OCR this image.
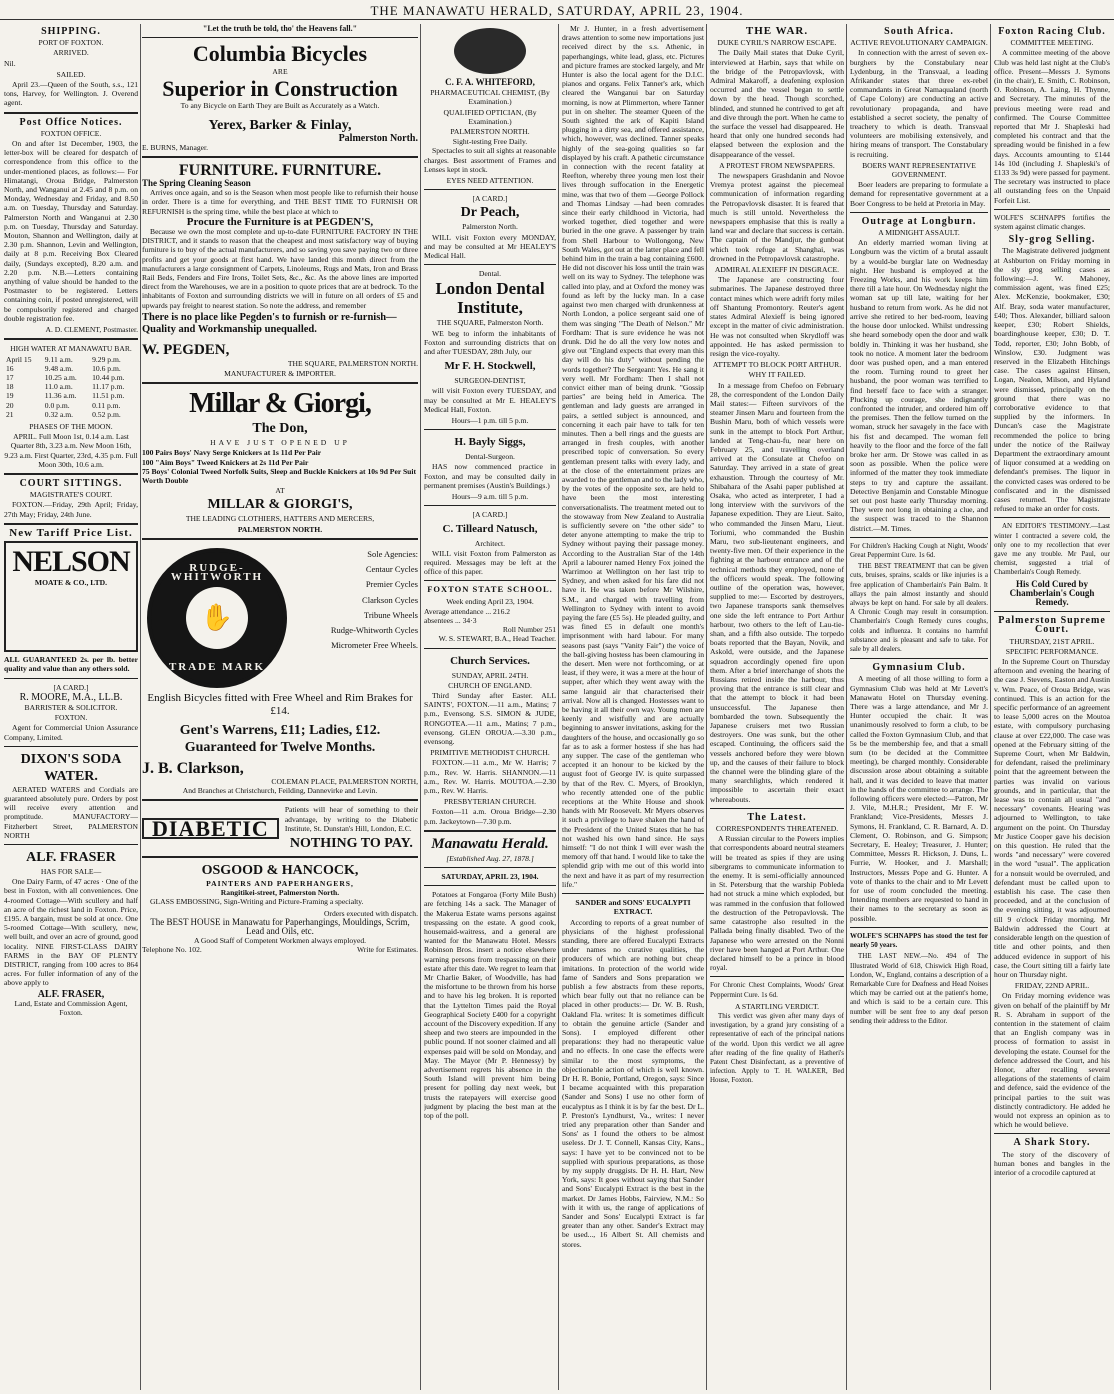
THE MANAWATU HERALD, SATURDAY, APRIL 23, 1904.
SHIPPING.
PORT OF FOXTON.
ARRIVED.

Nil.

SAILED.

April 23.—Queen of the South, s.s., 121 tons, Harvey, for Wellington. J. Overend agent.

Post Office Notices.
FOXTON OFFICE.

On and after 1st December, 1903, the letter-box will be cleared for despatch of correspondence from this office to the under-mentioned places, as follows:— For Himatangi, Oroua Bridge, Palmerston North, and Wanganui at 2.45 and 8 p.m. on Monday, Wednesday and Friday, and 8.50 a.m. on Tuesday, Thursday and Saturday. Palmerston North and Wanganui at 2.30 p.m. on Tuesday, Thursday and Saturday. Mouton, Shannon and Wellington, daily at 2.30 p.m. Shannon, Levin and Wellington, daily at 8 p.m. Receiving Box Cleared daily, (Sundays excepted), 8.20 a.m. and 2.20 p.m. N.B.—Letters containing anything of value should be handed to the Postmaster to be registered. Letters containing coin, if posted unregistered, will be compulsorily registered and charged double registration fee.

A. D. CLEMENT, Postmaster.
HIGH WATER AT MANAWATU BAR.
April 15	9.11 a.m.	9.29 p.m.
16	9.48 a.m.	10.6 p.m.
17	10.25 a.m.	10.44 p.m.
18	11.0 a.m.	11.17 p.m.
19	11.36 a.m.	11.51 p.m.
20	0.0 p.m.	0.11 p.m.
21	0.32 a.m.	0.52 p.m.
PHASES OF THE MOON.

APRIL. Full Moon 1st, 0.14 a.m. Last Quarter 8th, 3.23 a.m. New Moon 16th, 9.23 a.m. First Quarter, 23rd, 4.35 p.m. Full Moon 30th, 10.6 a.m.

COURT SITTINGS.
MAGISTRATE'S COURT.

FOXTON.—Friday, 29th April; Friday, 27th May; Friday, 24th June.

New Tariff Price List.
NELSON
MOATE & CO., LTD.

ALL GUARANTEED 2s. per lb. better quality and value than any others sold.

[A CARD.]
R. MOORE, M.A., LL.B.
BARRISTER & SOLICITOR.
FOXTON.

Agent for Commercial Union Assurance Company, Limited.

DIXON'S SODA WATER.

AERATED WATERS and Cordials are guaranteed absolutely pure. Orders by post will receive every attention and promptitude. MANUFACTORY—Fitzherbert Street, PALMERSTON NORTH

ALF. FRASER
HAS FOR SALE—

One Dairy Farm, of 47 acres · One of the best in Foxton, with all conveniences. One 4-roomed Cottage—With scullery and half an acre of the richest land in Foxton. Price, £195. A bargain, must be sold at once. One 5-roomed Cottage—With scullery, new, well built, and over an acre of ground, good locality. NINE FIRST-CLASS DAIRY FARMS in the BAY OF PLENTY DISTRICT, ranging from 100 acres to 864 acres. For fuller information of any of the above apply to

ALF. FRASER,
Land, Estate and Commission Agent, Foxton.
"Let the truth be told, tho' the Heavens fall."
Columbia Bicycles
ARE
Superior in Construction
To any Bicycle on Earth They are Built as Accurately as a Watch.
Yerex, Barker & Finlay,
Palmerston North.
E. BURNS, Manager.
FURNITURE. FURNITURE.
The Spring Cleaning Season

Arrives once again, and so is the Season when most people like to refurnish their house in order. There is a time for everything, and THE BEST TIME TO FURNISH OR REFURNISH is the spring time, while the best place at which to

Procure the Furniture is at PEGDEN'S,

Because we own the most complete and up-to-date FURNITURE FACTORY IN THE DISTRICT, and it stands to reason that the cheapest and most satisfactory way of buying furniture is to buy of the actual manufacturers, and so saving you save paying two or three profits and get your goods at first hand. We have landed this month direct from the manufacturers a large consignment of Carpets, Linoleums, Rugs and Mats, Iron and Brass Rail Beds, Fenders and Fire Irons, Toilet Sets, &c., &c. As the above lines are imported direct from the Warehouses, we are in a position to quote prices that are at bedrock. To the inhabitants of Foxton and surrounding districts we will in future on all orders of £5 and upwards pay freight to nearest station. So note the address, and remember

There is no place like Pegden's to furnish or re-furnish—Quality and Workmanship unequalled.
W. PEGDEN,
THE SQUARE, PALMERSTON NORTH.
MANUFACTURER & IMPORTER.
Millar & Giorgi,
The Don,
HAVE JUST OPENED UP
100 Pairs Boys' Navy Serge Knickers at 1s 11d Per Pair
100 "Aim Boys" Tweed Knickers at 2s 11d Per Pair
75 Boys' Colonial Tweed Norfolk Suits, Sleep and Buckle Knickers at 10s 9d Per Suit Worth Double
AT
MILLAR & GIORGI'S,
THE LEADING CLOTHIERS, HATTERS AND MERCERS,
PALMERSTON NORTH.
RUDGE-WHITWORTH
✋
TRADE MARK
Sole Agencies:
Centaur Cycles
Premier Cycles
Clarkson Cycles
Tribune Wheels
Rudge-Whitworth Cycles
Micrometer Free Wheels.
English Bicycles fitted with Free Wheel and Rim Brakes for £14.
Gent's Warrens, £11; Ladies, £12.
Guaranteed for Twelve Months.
J. B. Clarkson,
COLEMAN PLACE, PALMERSTON NORTH,
And Branches at Christchurch, Feilding, Dannevirke and Levin.
DIABETIC

Patients will hear of something to their advantage, by writing to the Diabetic Institute, St. Dunstan's Hill, London, E.C.

NOTHING TO PAY.
OSGOOD & HANCOCK,
PAINTERS AND PAPERHANGERS,
Rangitikei-street, Palmerston North.

GLASS EMBOSSING, Sign-Writing and Picture-Framing a specialty.

Orders executed with dispatch.
The BEST HOUSE in Manawatu for Paperhangings, Mouldings, Scrim, Lead and Oils, etc.
A Good Staff of Competent Workmen always employed.
Telephone No. 102.	Write for Estimates.
C. F. A. WHITEFORD,
PHARMACEUTICAL CHEMIST, (By Examination.)
QUALIFIED OPTICIAN, (By Examination.)
PALMERSTON NORTH.
Sight-testing Free Daily.

Spectacles to suit all sights at reasonable charges. Best assortment of Frames and Lenses kept in stock.

EYES NEED ATTENTION.
[A CARD.]
Dr Peach,
Palmerston North.

WILL visit Foxton every MONDAY, and may be consulted at Mr HEALEY'S Medical Hall.

Dental.
London Dental Institute,
THE SQUARE, Palmerston North.

WE beg to inform the inhabitants of Foxton and surrounding districts that on and after TUESDAY, 28th July, our

Mr F. H. Stockwell,
SURGEON-DENTIST,

will visit Foxton every TUESDAY, and may be consulted at Mr E. HEALEY'S Medical Hall, Foxton.

Hours—1 p.m. till 5 p.m.
H. Bayly Siggs,
Dental-Surgeon.

HAS now commenced practice in Foxton, and may be consulted daily in permanent premises (Austin's Buildings.)

Hours—9 a.m. till 5 p.m.
[A CARD.]
C. Tilleard Natusch,
Architect.

WILL visit Foxton from Palmerston as required. Messages may be left at the office of this paper.

FOXTON STATE SCHOOL.
Week ending April 23, 1904.
Average attendance ... 216.2
absentees ... 34·3
Roll Number 251
W. S. STEWART, B.A., Head Teacher.
Church Services.
SUNDAY, APRIL 24TH.
CHURCH OF ENGLAND.

Third Sunday after Easter. ALL SAINTS', FOXTON.—11 a.m., Matins; 7 p.m., Evensong. S.S. SIMON & JUDE, RONGOTEA.—11 a.m., Matins; 7 p.m., evensong. GLEN OROUA.—3.30 p.m., evensong.

PRIMITIVE METHODIST CHURCH.

FOXTON.—11 a.m., Mr W. Harris; 7 p.m., Rev. W. Harris. SHANNON.—11 a.m., Rev. W. Harris. MOUTOA.—2.30 p.m., Rev. W. Harris.

PRESBYTERIAN CHURCH.

Foxton—11 a.m. Oroua Bridge—2.30 p.m. Jackeytown—7.30 p.m.

Manawatu Herald.
[Established Aug. 27, 1878.]
SATURDAY, APRIL 23, 1904.

Potatoes at Fongaroa (Forty Mile Bush) are fetching 14s a sack. The Manager of the Makerua Estate warns persons against trespassing on the estate. A good cook, housemaid-waitress, and a general are wanted for the Manawatu Hotel. Messrs Robinson Bros. insert a notice elsewhere warning persons from trespassing on their estate after this date. We regret to learn that Mr Charlie Baker, of Woodville, has had the misfortune to be thrown from his horse and to have his leg broken. It is reported that the Lyttelton Times paid the Royal Geographical Society £400 for a copyright account of the Discovery expedition. If any sheep and two steers are impounded in the public pound. If not sooner claimed and all expenses paid will be sold on Monday, and May. The Mayor (Mr P. Hennessy) by advertisement regrets his absence in the South Island will prevent him being present for polling day next week, but trusts the ratepayers will exercise good judgment by placing the best man at the top of the poll.

Mr J. Hunter, in a fresh advertisement draws attention to some new importations just received direct by the s.s. Athenic, in paperhangings, white lead, glass, etc. Pictures and picture frames are stocked largely, and Mr Hunter is also the local agent for the D.I.C. pianos and organs. Felix Tanner's ark, which cleared the Wanganui bar on Saturday morning, is now at Plimmerton, where Tanner put in on shelter. The steamer Queen of the South sighted the ark of Kapiti Island plugging in a dirty sea, and offered assistance, which, however, was declined. Tanner speaks highly of the sea-going qualities so far displayed by his craft. A pathetic circumstance in connection with the recent fatality at Reefton, whereby three young men lost their lives through suffocation in the Energetic mine, was that two of them —George Pollock and Thomas Lindsay —had been comrades since their early childhood in Victoria, had worked together, died together and were buried in the one grave. A passenger by train from Shell Harbour to Wollongong, New South Wales, got out at the latter place and fell behind him in the train a bag containing £600. He did not discover his loss until the train was well on its way to Sydney. The telephone was called into play, and at Oxford the money was found as left by the lucky man. In a case against two men charged with drunkenness at North London, a police sergeant said one of them was singing "The Death of Nelson." Mr Fordham: That is sure evidence he was not drunk. Did he do all the very low notes and give out "England expects that every man this day will do his duty" without pending the words together? The Sergeant: Yes. He sang it very well. Mr Fordham: Then I shall not convict either man of being drunk. "Gossip parties" are being held in America. The gentleman and lady guests are arranged in pairs, a settled subject is announced, and concerning it each pair have to talk for ten minutes. Then a bell rings and the guests are arranged in fresh couples, with another prescribed topic of conversation. So every gentleman present talks with every lady, and at the close of the entertainment prizes are awarded to the gentleman and to the lady who, by the votes of the opposite sex, are held to have been the most interesting conversationalists. The treatment meted out to the stowaway from New Zealand to Australia is sufficiently severe on "the other side" to deter anyone attempting to make the trip to Sydney without paying their passage money. According to the Australian Star of the 14th April a labourer named Henry Fox joined the Warrimoo at Wellington on her last trip to Sydney, and when asked for his fare did not have it. He was taken before Mr Wilshire, S.M., and charged with travelling from Wellington to Sydney with intent to avoid paying the fare (£5 5s). He pleaded guilty, and was fined £5 in default one month's imprisonment with hard labour. For many seasons past (says "Vanity Fair") the voice of the ball-giving hostess has been clamouring in the desert. Men were not forthcoming, or at least, if they were, it was a mere at the hour of supper, after which they went away with the same languid air that characterised their arrival. Now all is changed. Hostesses want to be having it all their own way. Young men are keenly and wistfully and are actually beginning to answer invitations, asking for the daughters of the house, and occasionally go so far as to ask a former hostess if she has had any supper. The case of the gentleman who accepted it an honour to be kicked by the august foot of George IV. is quite surpassed by that of the Rev. C. Myers, of Brooklyn, who recently attended one of the public receptions at the White House and shook hands with Mr Roosevelt. Mr Myers observes it such a privilege to have shaken the hand of the President of the United States that he has not washed his own hand since. He says himself: "I do not think I will ever wash the memory off that hand. I would like to take the splendid grip with me out of this world into the next and have it as part of my resurrection life."

SANDER and SONS' EUCALYPTI EXTRACT.

According to reports of a great number of physicians of the highest professional standing, there are offered Eucalypti Extracts under names no curative qualities, the producers of which are nothing but cheap imitations. In protection of the world wide fame of Sanders and Sons preparation we publish a few abstracts from these reports, which bear fully out that no reliance can be placed in other products:— Dr. W. B. Rush, Oakland Fla. writes: It is sometimes difficult to obtain the genuine article (Sander and Sons). I employed different other preparations: they had no therapeutic value and no effects. In one case the effects were similar to the most symptoms, the objectionable action of which is well known. Dr H. R. Bonie, Portland, Oregon, says: Since I became acquainted with this preparation (Sander and Sons) I use no other form of eucalyptus as I think it is by far the best. Dr L. P. Preston's Lyndhurst, Va., writes: I never tried any preparation other than Sander and Sons' as I found the others to be almost useless. Dr J. T. Connell, Kansas City, Kans., says: I have yet to be convinced not to be supplied with spurious preparations, as those by my supply druggists. Dr H. H. Hart, New York, says: It goes without saying that Sander and Sons' Eucalypti Extract is the best in the market. Dr James Hobbs, Fairview, N.M.: So with it with us, the range of applications of Sander and Sons' Eucalypti Extract is far greater than any other. Sander's Extract may be used..., 16 Albert St. All chemists and stores.

THE WAR.
DUKE CYRIL'S NARROW ESCAPE.

The Daily Mail states that Duke Cyril, interviewed at Harbin, says that while on the bridge of the Petropavlovsk, with Admiral Makaroff, a deafening explosion occurred and the vessel began to settle down by the head. Though scorched, blinded, and stunned he contrived to get aft and dive through the port. When he came to the surface the vessel had disappeared. He heard that only one hundred seconds had elapsed between the explosion and the disappearance of the vessel.

A PROTEST FROM NEWSPAPERS.

The newspapers Grashdanin and Novoe Vremya protest against the piecemeal communication of information regarding the Petropavlovsk disaster. It is feared that much is still untold. Nevertheless the newspapers emphasise that this is really a land war and declare that success is certain. The captain of the Mandjur, the gunboat which took refuge at Shanghai, was drowned in the Petropavlovsk catastrophe.

ADMIRAL ALEXIEFF IN DISGRACE.

The Japanese are constructing four submarines. The Japanese destroyed three contact mines which were adrift forty miles off Shantung Promontory. Reuter's agent states Admiral Alexieff is being ignored except in the matter of civic administration. He was not consulted when Skrydloff was appointed. He has asked permission to resign the vice-royalty.

ATTEMPT TO BLOCK PORT ARTHUR.
WHY IT FAILED.

In a message from Chefoo on February 28, the correspondent of the London Daily Mail states:— Fifteen survivors of the steamer Jinsen Maru and fourteen from the Bushin Maru, both of which vessels were sunk in the attempt to block Port Arthur, landed at Teng-chau-fu, near here on February 25, and travelling overland arrived at the Consulate at Chefoo on Saturday. They arrived in a state of great exhaustion. Through the courtesy of Mr. Shibahara of the Asahi paper published at Osaka, who acted as interpreter, I had a long interview with the survivors of the Japanese expedition. They are Lieut. Saito, who commanded the Jinsen Maru, Lieut. Toriumi, who commanded the Bushin Maru, two sub-lieutenant engineers, and twenty-five men. Of their experience in the fighting at the harbour entrance and of the technical methods they employed, none of the officers would speak. The following outline of the operation was, however, supplied to me:— Escorted by destroyers, two Japanese transports sank themselves one side the left entrance to Port Arthur harbour, two others to the left of Lau-tie-shan, and a fifth also outside. The torpedo boats reported that the Bayan, Novik, and Askold, were outside, and the Japanese squadron accordingly opened fire upon them. After a brief interchange of shots the Russians retired inside the harbour, thus proving that the entrance is still clear and that the attempt to block it had been unsuccessful. The Japanese then bombarded the town. Subsequently the Japanese cruisers met two Russian destroyers. One was sunk, but the other escaped. Continuing, the officers said the vessels anchored before they were blown up, and the causes of their failure to block the channel were the blinding glare of the many searchlights, which rendered it impossible to ascertain their exact whereabouts.

The Latest.
CORRESPONDENTS THREATENED.

A Russian circular to the Powers implies that correspondents aboard neutral steamers will be treated as spies if they are using sibergrams to communicate information to the enemy. It is semi-officially announced in St. Petersburg that the warship Pobleda had not struck a mine which exploded, but was rammed in the confusion that followed the destruction of the Petropavlovsk. The same catastrophe also resulted in the Pallada being finally disabled. Two of the Japanese who were arrested on the Nonni river have been hanged at Port Arthur. One declared himself to be a prince in blood royal.

For Chronic Chest Complaints, Woods' Great Peppermint Cure. 1s 6d.

A STARTLING VERDICT.

This verdict was given after many days of investigation, by a grand jury consisting of a representative of each of the principal nations of the world. Upon this verdict we all agree after reading of the fine quality of Hatheri's Patent Chest Disinfectant, as a preventive of infection. Apply to T. H. WALKER, Bed House, Foxton.

South Africa.
ACTIVE REVOLUTIONARY CAMPAIGN.

In connection with the arrest of seven ex-burghers by the Constabulary near Lydenburg, in the Transvaal, a leading Afrikander states that three ex-rebel commandants in Great Namaqualand (north of Cape Colony) are conducting an active revolutionary propaganda, and have established a secret society, the penalty of treachery to which is death. Transvaal volunteers are mobilising extensively, and hiring means of transport. The Constabulary is recruiting.

BOERS WANT REPRESENTATIVE GOVERNMENT.

Boer leaders are preparing to formulate a demand for representative government at a Boer Congress to be held at Pretoria in May.

Outrage at Longburn.
A MIDNIGHT ASSAULT.

An elderly married woman living at Longburn was the victim of a brutal assault by a would-be burglar late on Wednesday night. Her husband is employed at the Freezing Works, and his work keeps him there till a late hour. On Wednesday night the woman sat up till late, waiting for her husband to return from work. As he did not arrive she retired to her bed-room, leaving the house door unlocked. Whilst undressing she heard somebody open the door and walk boldly in. Thinking it was her husband, she took no notice. A moment later the bedroom door was pushed open, and a man entered the room. Turning round to greet her husband, the poor woman was terrified to find herself face to face with a stranger. Plucking up courage, she indignantly confronted the intruder, and ordered him off the premises. Then the fellow turned on the woman, struck her savagely in the face with his fist and decamped. The woman fell heavily to the floor and the force of the fall broke her arm. Dr Stowe was called in as soon as possible. When the police were informed of the matter they took immediate steps to try and capture the assailant. Detective Benjamin and Constable Minogue set out post haste early Thursday morning. They were not long in obtaining a clue, and the suspect was traced to the Shannon district.—M. Times.

For Children's Hacking Cough at Night, Woods' Great Peppermint Cure. 1s 6d.

THE BEST TREATMENT that can be given cuts, bruises, sprains, scalds or like injuries is a free application of Chamberlain's Pain Balm. It allays the pain almost instantly and should always be kept on hand. For sale by all dealers. A Chronic Cough may result in consumption. Chamberlain's Cough Remedy cures coughs, colds and influenza. It contains no harmful substance and is pleasant and safe to take. For sale by all dealers.

Gymnasium Club.

A meeting of all those willing to form a Gymnasium Club was held at Mr Levett's Manawatu Hotel on Thursday evening. There was a large attendance, and Mr J. Hunter occupied the chair. It was unanimously resolved to form a club, to be called the Foxton Gymnasium Club, and that 5s be the membership fee, and that a small sum (to be decided at the Committee meeting), be charged monthly. Considerable discussion arose about obtaining a suitable hall, and it was decided to leave that matter in the hands of the committee to arrange. The following officers were elected:—Patron, Mr J. Vile, M.H.R.; President, Mr F. W. Frankland; Vice-Presidents, Messrs J. Symons, H. Frankland, C. R. Barnard, A. D. Clement, O. Robinson, and G. Simpson; Secretary, E. Healey; Treasurer, J. Hunter; Committee, Messrs R. Hickson, J. Duns, L. Furrie, W. Hooker, and J. Marshall; Instructors, Messrs Pope and G. Hunter. A vote of thanks to the chair and to Mr Levett for use of room concluded the meeting. Intending members are requested to hand in their names to the secretary as soon as possible.

WOLFE'S SCHNAPPS has stood the test for nearly 50 years.

THE LAST NEW.—No. 494 of The Illustrated World of 618, Chiswick High Road, London, W., England, contains a description of a Remarkable Cure for Deafness and Head Noises which may be carried out at the patient's home, and which is said to be a certain cure. This number will be sent free to any deaf person sending their address to the Editor.

Foxton Racing Club.
COMMITTEE MEETING.

A committee meeting of the above Club was held last night at the Club's office. Present—Messrs J. Symons (in the chair), E. Smith, C. Robinson, O. Robinson, A. Laing, H. Thynne, and Secretary. The minutes of the previous meeting were read and confirmed. The Course Committee reported that Mr J. Shapleski had completed his contract and that the spreading would be finished in a few days. Accounts amounting to £144 14s 10d (including J. Shapleski's of £133 3s 9d) were passed for payment. The secretary was instructed to place all outstanding fees on the Unpaid Forfeit List.

WOLFE'S SCHNAPPS fortifies the system against climatic changes.

Sly-grog Selling.

The Magistrate delivered judgment at Ashburton on Friday morning in the sly grog selling cases as following:—J. W. Mahoney, commission agent, was fined £25; Alex. McKenzie, bookmaker, £30; Alf. Bray, soda water manufacturer, £40; Thos. Alexander, billiard saloon keeper, £30; Robert Shields, boardinghouse keeper, £30; D. T. Todd, reporter, £30; John Bobb, of Winslow, £30. Judgment was reserved in the Elizabeth Hitchings case. The cases against Hinsen, Logan, Nealon, Milson, and Hyland were dismissed, principally on the ground that there was no corroborative evidence to that supplied by the informers. In Duncan's case the Magistrate recommended the police to bring under the notice of the Railway Department the extraordinary amount of liquor consumed at a wedding on defendant's premises. The liquor in the convicted cases was ordered to be confiscated and in the dismissed cases returned. The Magistrate refused to make an order for costs.

AN EDITOR'S TESTIMONY.—Last winter I contracted a severe cold, the only one to my recollection that ever gave me any trouble. Mr Paul, our chemist, suggested a trial of Chamberlain's Cough Remedy.

His Cold Cured by Chamberlain's Cough Remedy.
Palmerston Supreme Court.
THURSDAY, 21ST APRIL.
SPECIFIC PERFORMANCE.

In the Supreme Court on Thursday afternoon and evening the hearing of the case J. Stevens, Easton and Austin v. Wm. Peace, of Oroua Bridge, was continued. This is an action for the specific performance of an agreement to lease 5,000 acres on the Moutoa estate, with compulsory purchasing clause at over £22,000. The case was opened at the February sitting of the Supreme Court, when Mr Baldwin, for defendant, raised the preliminary point that the agreement between the parties was invalid on various grounds, and in particular, that the lease was to contain all usual "and necessary" covenants. Hearing was adjourned to Wellington, to take argument on the point. On Thursday Mr Justice Cooper gave his decision on this question. He ruled that the words "and necessary" were covered in the word "usual". The application for a nonsuit would be overruled, and defendant must be called upon to establish his case. The case then proceeded, and at the conclusion of the evening sitting, it was adjourned till 9 o'clock Friday morning. Mr Baldwin addressed the Court at considerable length on the question of title and other points, and then adduced evidence in support of his case, the Court sitting till a fairly late hour on Thursday night.

FRIDAY, 22ND APRIL.

On Friday morning evidence was given on behalf of the plaintiff by Mr R. S. Abraham in support of the contention in the statement of claim that an English company was in process of formation to assist in developing the estate. Counsel for the defence addressed the Court, and his Honor, after recalling several allegations of the statements of claim and defence, said the evidence of the principal parties to the suit was distinctly contradictory. He added he would not express an opinion as to which he would believe.

A Shark Story.

The story of the discovery of human bones and bangles in the interior of a crocodile captured at
